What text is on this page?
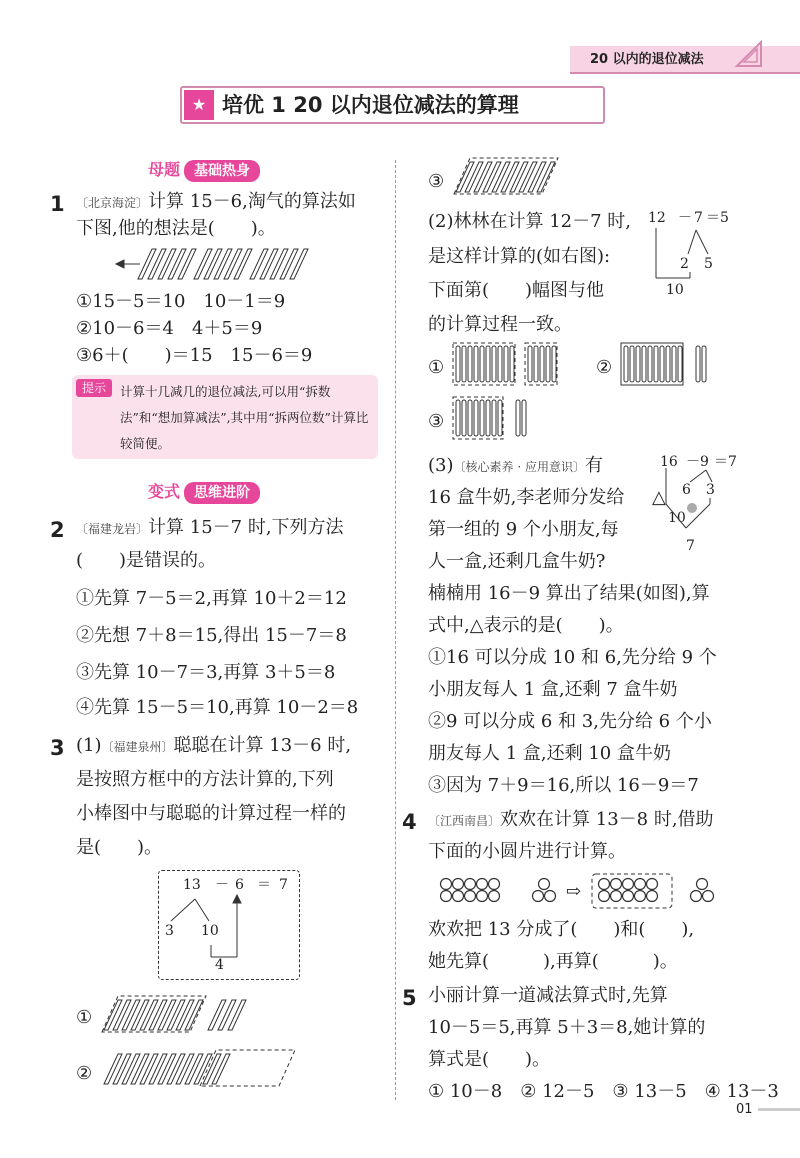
20 以内的退位减法
★ 培优 1 20 以内退位减法的算理
母题 基础热身
1 〔北京海淀〕计算 15－6,淘气的算法如
下图,他的想法是(　　)。
①15－5＝10　10－1＝9
②10－6＝4　4＋5＝9
③6＋(　　)＝15　15－6＝9
提示	计算十几减几的退位减法,可以用“拆数法”和“想加算减法”,其中用“拆两位数”计算比较简便。
变式 思维进阶
2 〔福建龙岩〕计算 15－7 时,下列方法
(　　)是错误的。
①先算 7－5＝2,再算 10＋2＝12
②先想 7＋8＝15,得出 15－7＝8
③先算 10－7＝3,再算 3＋5＝8
④先算 15－5＝10,再算 10－2＝8
3 (1)〔福建泉州〕聪聪在计算 13－6 时,
是按照方框中的方法计算的,下列
小棒图中与聪聪的计算过程一样的
是(　　)。
13 － 6 ＝ 7
3 10
4
①
②
③
(2)林林在计算 12－7 时,
是这样计算的(如右图):
下面第(　　)幅图与他
的计算过程一致。
12 － 7 ＝ 5
2 5
10
①	②
③
(3)〔核心素养 · 应用意识〕有
16 盒牛奶,李老师分发给
第一组的 9 个小朋友,每
人一盒,还剩几盒牛奶?
16 － 9 ＝ 7
△ 6 3
10
7
楠楠用 16－9 算出了结果(如图),算
式中,△表示的是(　　)。
①16 可以分成 10 和 6,先分给 9 个
小朋友每人 1 盒,还剩 7 盒牛奶
②9 可以分成 6 和 3,先分给 6 个小
朋友每人 1 盒,还剩 10 盒牛奶
③因为 7＋9＝16,所以 16－9＝7
4 〔江西南昌〕欢欢在计算 13－8 时,借助
下面的小圆片进行计算。
⇨
欢欢把 13 分成了(　　)和(　　),
她先算(　　　),再算(　　　)。
5 小丽计算一道减法算式时,先算
10－5＝5,再算 5＋3＝8,她计算的
算式是(　　)。
① 10－8　② 12－5　③ 13－5　④ 13－3
01
